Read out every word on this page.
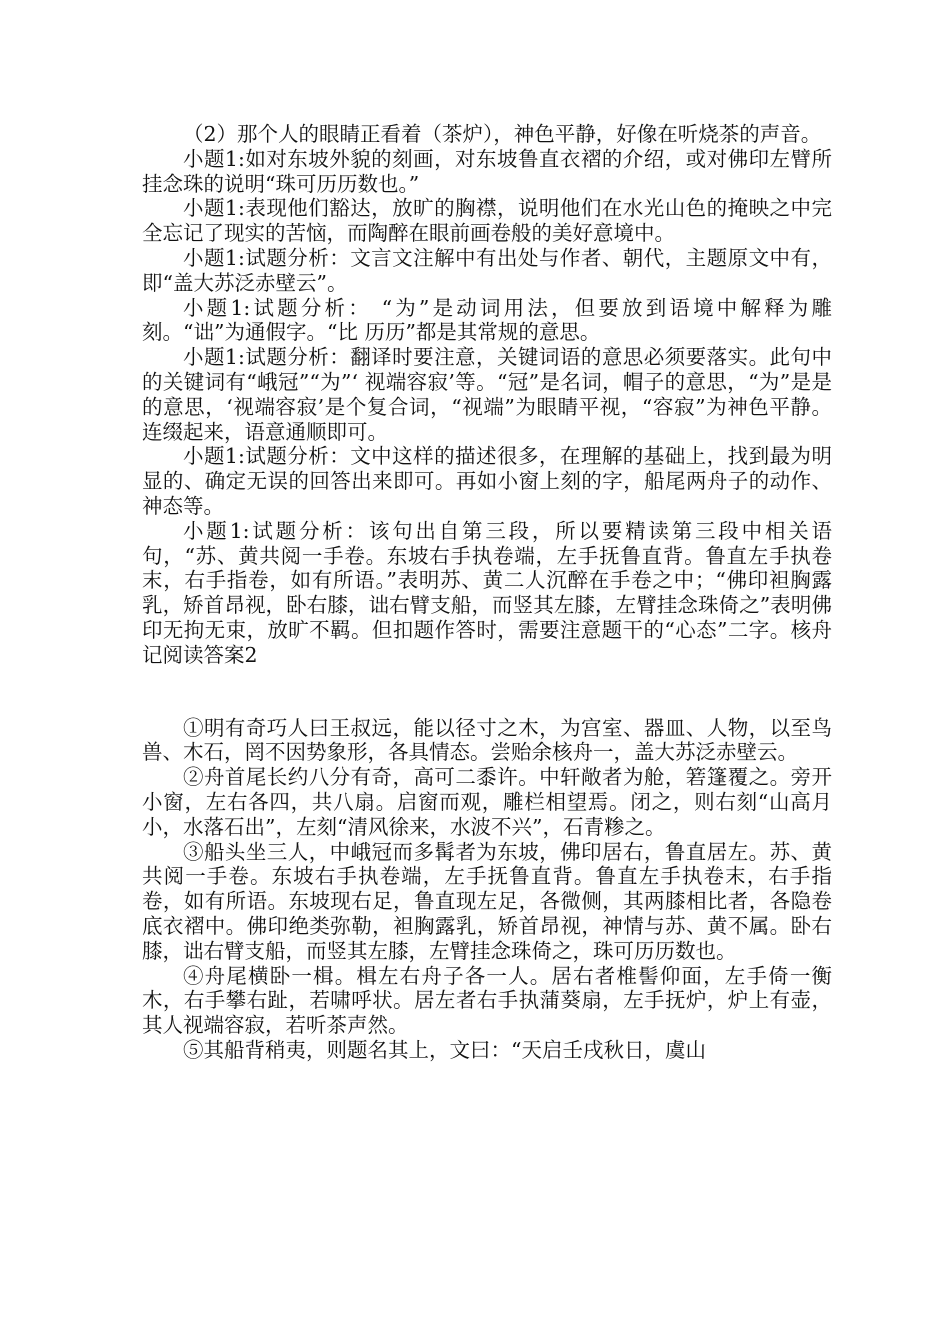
（2）那个人的眼睛正看着（茶炉），神色平静，好像在听烧茶的声音。

小题1:如对东坡外貌的刻画，对东坡鲁直衣褶的介绍，或对佛印左臂所挂念珠的说明“珠可历历数也。”

小题1:表现他们豁达，放旷的胸襟，说明他们在水光山色的掩映之中完全忘记了现实的苦恼，而陶醉在眼前画卷般的美好意境中。

小题1:试题分析：文言文注解中有出处与作者、朝代，主题原文中有，即“盖大苏泛赤壁云”。

小题1:试题分析： “为”是动词用法，但要放到语境中解释为雕刻。“诎”为通假字。“比 历历”都是其常规的意思。

小题1:试题分析：翻译时要注意，关键词语的意思必须要落实。此句中的关键词有“峨冠”“为”‘ 视端容寂’等。“冠”是名词，帽子的意思，“为”是是的意思，‘视端容寂’是个复合词，“视端”为眼睛平视，“容寂”为神色平静。连缀起来，语意通顺即可。

小题1:试题分析：文中这样的描述很多，在理解的基础上，找到最为明显的、确定无误的回答出来即可。再如小窗上刻的字，船尾两舟子的动作、神态等。

小题1:试题分析：该句出自第三段，所以要精读第三段中相关语句，“苏、黄共阅一手卷。东坡右手执卷端，左手抚鲁直背。鲁直左手执卷末，右手指卷，如有所语。”表明苏、黄二人沉醉在手卷之中；“佛印袒胸露乳，矫首昂视，卧右膝，诎右臂支船，而竖其左膝，左臂挂念珠倚之”表明佛印无拘无束，放旷不羁。但扣题作答时，需要注意题干的“心态”二字。核舟记阅读答案2

①明有奇巧人曰王叔远，能以径寸之木，为宫室、器皿、人物，以至鸟兽、木石，罔不因势象形，各具情态。尝贻余核舟一，盖大苏泛赤壁云。

②舟首尾长约八分有奇，高可二黍许。中轩敞者为舱，箬篷覆之。旁开小窗，左右各四，共八扇。启窗而观，雕栏相望焉。闭之，则右刻“山高月小，水落石出”，左刻“清风徐来，水波不兴”，石青糁之。

③船头坐三人，中峨冠而多髯者为东坡，佛印居右，鲁直居左。苏、黄共阅一手卷。东坡右手执卷端，左手抚鲁直背。鲁直左手执卷末，右手指卷，如有所语。东坡现右足，鲁直现左足，各微侧，其两膝相比者，各隐卷底衣褶中。佛印绝类弥勒，袒胸露乳，矫首昂视，神情与苏、黄不属。卧右膝，诎右臂支船，而竖其左膝，左臂挂念珠倚之，珠可历历数也。

④舟尾横卧一楫。楫左右舟子各一人。居右者椎髻仰面，左手倚一衡木，右手攀右趾，若啸呼状。居左者右手执蒲葵扇，左手抚炉，炉上有壶，其人视端容寂，若听茶声然。

⑤其船背稍夷，则题名其上，文曰：“天启壬戌秋日，虞山
